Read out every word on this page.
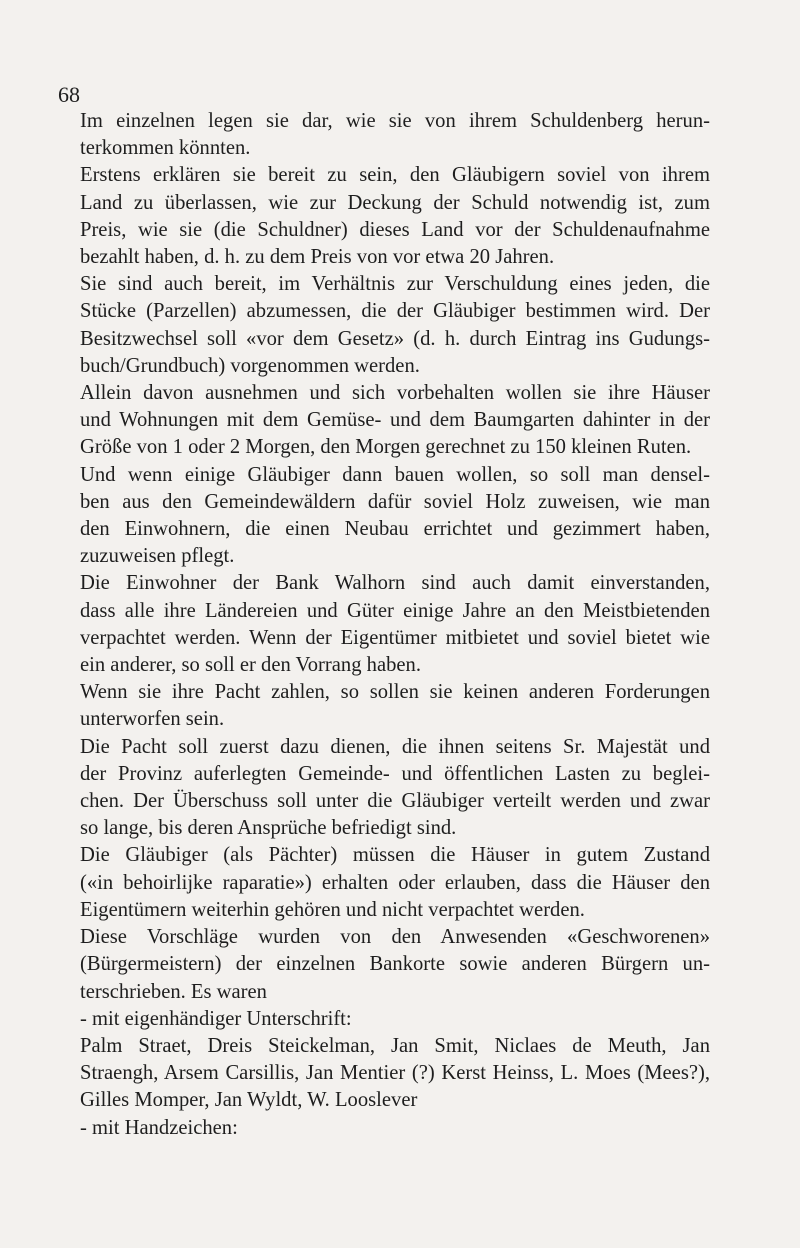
68

Im einzelnen legen sie dar, wie sie von ihrem Schuldenberg herun-
terkommen könnten.

Erstens erklären sie bereit zu sein, den Gläubigern soviel von ihrem
Land zu überlassen, wie zur Deckung der Schuld notwendig ist, zum
Preis, wie sie (die Schuldner) dieses Land vor der Schuldenaufnahme
bezahlt haben, d. h. zu dem Preis von vor etwa 20 Jahren.

Sie sind auch bereit, im Verhältnis zur Verschuldung eines jeden, die
Stücke (Parzellen) abzumessen, die der Gläubiger bestimmen wird. Der
Besitzwechsel soll «vor dem Gesetz» (d. h. durch Eintrag ins Gudungs-
buch/Grundbuch) vorgenommen werden.

Allein davon ausnehmen und sich vorbehalten wollen sie ihre Häuser
und Wohnungen mit dem Gemüse- und dem Baumgarten dahinter in der
Größe von 1 oder 2 Morgen, den Morgen gerechnet zu 150 kleinen Ruten.

Und wenn einige Gläubiger dann bauen wollen, so soll man densel-
ben aus den Gemeindewäldern dafür soviel Holz zuweisen, wie man
den Einwohnern, die einen Neubau errichtet und gezimmert haben,
zuzuweisen pflegt.

Die Einwohner der Bank Walhorn sind auch damit einverstanden,
dass alle ihre Ländereien und Güter einige Jahre an den Meistbietenden
verpachtet werden. Wenn der Eigentümer mitbietet und soviel bietet wie
ein anderer, so soll er den Vorrang haben.

Wenn sie ihre Pacht zahlen, so sollen sie keinen anderen Forderungen
unterworfen sein.

Die Pacht soll zuerst dazu dienen, die ihnen seitens Sr. Majestät und
der Provinz auferlegten Gemeinde- und öffentlichen Lasten zu beglei-
chen. Der Überschuss soll unter die Gläubiger verteilt werden und zwar
so lange, bis deren Ansprüche befriedigt sind.

Die Gläubiger (als Pächter) müssen die Häuser in gutem Zustand
(«in behoirlijke raparatie») erhalten oder erlauben, dass die Häuser den
Eigentümern weiterhin gehören und nicht verpachtet werden.

Diese Vorschläge wurden von den Anwesenden «Geschworenen»
(Bürgermeistern) der einzelnen Bankorte sowie anderen Bürgern un-
terschrieben. Es waren

- mit eigenhändiger Unterschrift:

Palm Straet, Dreis Steickelman, Jan Smit, Niclaes de Meuth, Jan
Straengh, Arsem Carsillis, Jan Mentier (?) Kerst Heinss, L. Moes (Mees?),
Gilles Momper, Jan Wyldt, W. Looslever

- mit Handzeichen:
